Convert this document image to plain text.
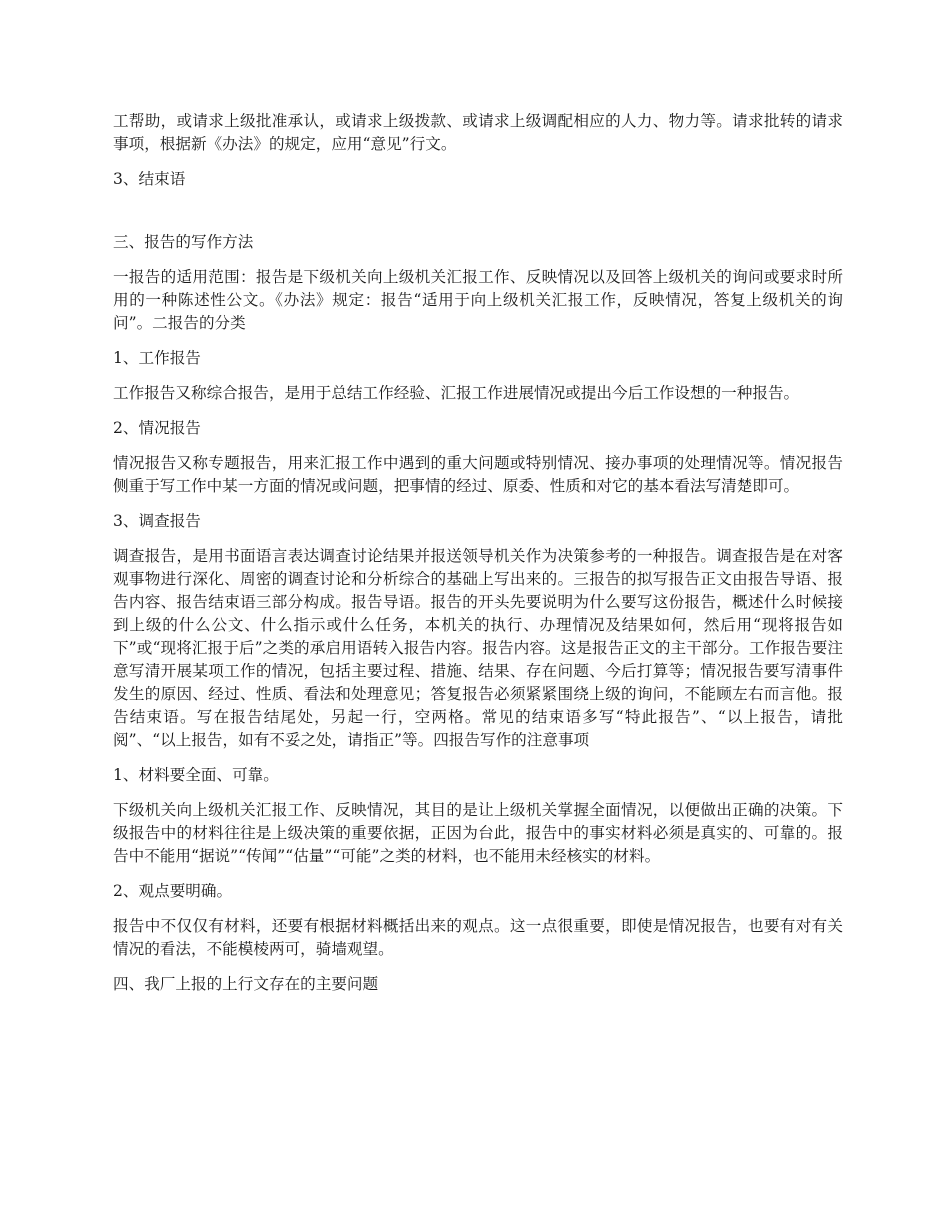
工帮助，或请求上级批准承认，或请求上级拨款、或请求上级调配相应的人力、物力等。请求批转的请求事项，根据新《办法》的规定，应用“意见”行文。

3、结束语

三、报告的写作方法

一报告的适用范围：报告是下级机关向上级机关汇报工作、反映情况以及回答上级机关的询问或要求时所用的一种陈述性公文。《办法》规定：报告“适用于向上级机关汇报工作，反映情况，答复上级机关的询问”。二报告的分类

1、工作报告

工作报告又称综合报告，是用于总结工作经验、汇报工作进展情况或提出今后工作设想的一种报告。

2、情况报告

情况报告又称专题报告，用来汇报工作中遇到的重大问题或特别情况、接办事项的处理情况等。情况报告侧重于写工作中某一方面的情况或问题，把事情的经过、原委、性质和对它的基本看法写清楚即可。

3、调查报告

调查报告，是用书面语言表达调查讨论结果并报送领导机关作为决策参考的一种报告。调查报告是在对客观事物进行深化、周密的调查讨论和分析综合的基础上写出来的。三报告的拟写报告正文由报告导语、报告内容、报告结束语三部分构成。报告导语。报告的开头先要说明为什么要写这份报告，概述什么时候接到上级的什么公文、什么指示或什么任务，本机关的执行、办理情况及结果如何，然后用“现将报告如下”或“现将汇报于后”之类的承启用语转入报告内容。报告内容。这是报告正文的主干部分。工作报告要注意写清开展某项工作的情况，包括主要过程、措施、结果、存在问题、今后打算等；情况报告要写清事件发生的原因、经过、性质、看法和处理意见；答复报告必须紧紧围绕上级的询问，不能顾左右而言他。报告结束语。写在报告结尾处，另起一行，空两格。常见的结束语多写“特此报告”、“以上报告，请批阅”、“以上报告，如有不妥之处，请指正”等。四报告写作的注意事项

1、材料要全面、可靠。

下级机关向上级机关汇报工作、反映情况，其目的是让上级机关掌握全面情况，以便做出正确的决策。下级报告中的材料往往是上级决策的重要依据，正因为台此，报告中的事实材料必须是真实的、可靠的。报告中不能用“据说”“传闻”“估量”“可能”之类的材料，也不能用未经核实的材料。

2、观点要明确。

报告中不仅仅有材料，还要有根据材料概括出来的观点。这一点很重要，即使是情况报告，也要有对有关情况的看法，不能模棱两可，骑墙观望。

四、我厂上报的上行文存在的主要问题
